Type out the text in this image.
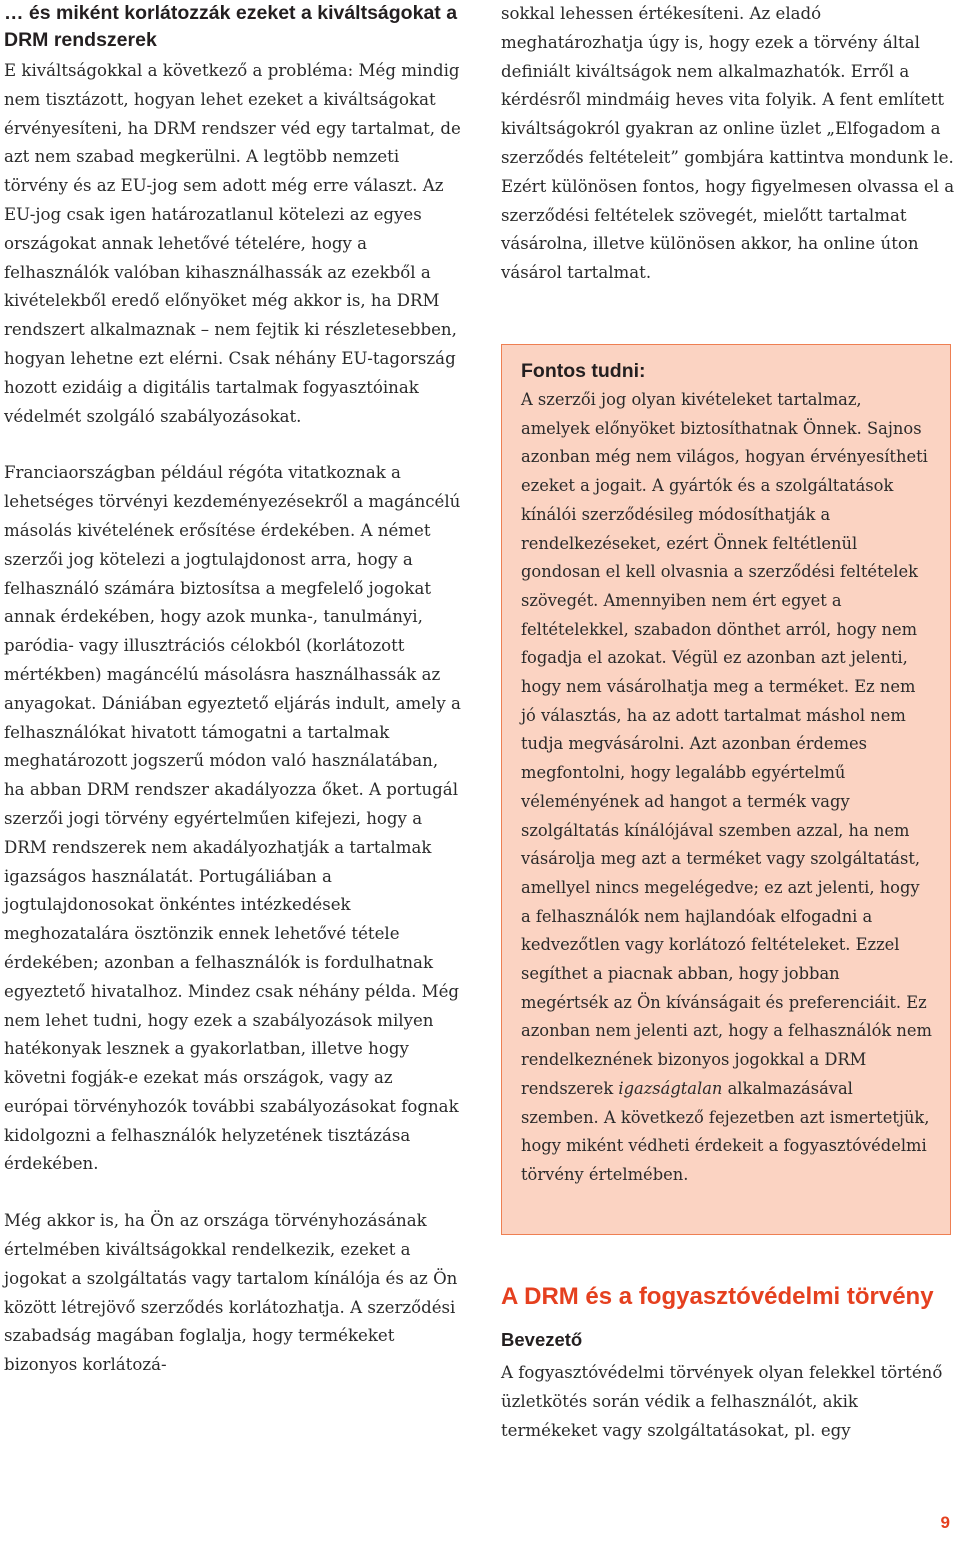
… és miként korlátozzák ezeket a kiváltságokat a DRM rendszerek

E kiváltságokkal a következő a probléma: Még mindig nem tisztázott, hogyan lehet ezeket a kiváltságokat érvényesíteni, ha DRM rendszer véd egy tartalmat, de azt nem szabad megkerülni. A legtöbb nemzeti törvény és az EU-jog sem adott még erre választ. Az EU-jog csak igen határozatlanul kötelezi az egyes országokat annak lehetővé tételére, hogy a felhasználók valóban kihasználhassák az ezekből a kivételekből eredő előnyöket még akkor is, ha DRM rendszert alkalmaznak – nem fejtik ki részletesebben, hogyan lehetne ezt elérni. Csak néhány EU-tagország hozott ezidáig a digitális tartalmak fogyasztóinak védelmét szolgáló szabályozásokat.

Franciaországban például régóta vitatkoznak a lehetséges törvényi kezdeményezésekről a magáncélú másolás kivételének erősítése érdekében. A német szerzői jog kötelezi a jogtulajdonost arra, hogy a felhasználó számára biztosítsa a megfelelő jogokat annak érdekében, hogy azok munka-, tanulmányi, paródia- vagy illusztrációs célokból (korlátozott mértékben) magáncélú másolásra használhassák az anyagokat. Dániában egyeztető eljárás indult, amely a felhasználókat hivatott támogatni a tartalmak meghatározott jogszerű módon való használatában, ha abban DRM rendszer akadályozza őket. A portugál szerzői jogi törvény egyértelműen kifejezi, hogy a DRM rendszerek nem akadályozhatják a tartalmak igazságos használatát. Portugáliában a jogtulajdonosokat önkéntes intézkedések meghozatalára ösztönzik ennek lehetővé tétele érdekében; azonban a felhasználók is fordulhatnak egyeztető hivatalhoz. Mindez csak néhány példa. Még nem lehet tudni, hogy ezek a szabályozások milyen hatékonyak lesznek a gyakorlatban, illetve hogy követni fogják-e ezekat más országok, vagy az európai törvényhozók további szabályozásokat fognak kidolgozni a felhasználók helyzetének tisztázása érdekében.

Még akkor is, ha Ön az országa törvényhozásának értelmében kiváltságokkal rendelkezik, ezeket a jogokat a szolgáltatás vagy tartalom kínálója és az Ön között létrejövő szerződés korlátozhatja. A szerződési szabadság magában foglalja, hogy termékeket bizonyos korlátozá-

sokkal lehessen értékesíteni. Az eladó meghatározhatja úgy is, hogy ezek a törvény által definiált kiváltságok nem alkalmazhatók. Erről a kérdésről mindmáig heves vita folyik. A fent említett kiváltságokról gyakran az online üzlet „Elfogadom a szerződés feltételeit” gombjára kattintva mondunk le. Ezért különösen fontos, hogy figyelmesen olvassa el a szerződési feltételek szövegét, mielőtt tartalmat vásárolna, illetve különösen akkor, ha online úton vásárol tartalmat.

Fontos tudni:

A szerzői jog olyan kivételeket tartalmaz, amelyek előnyöket biztosíthatnak Önnek. Sajnos azonban még nem világos, hogyan érvényesítheti ezeket a jogait. A gyártók és a szolgáltatások kínálói szerződésileg módosíthatják a rendelkezéseket, ezért Önnek feltétlenül gondosan el kell olvasnia a szerződési feltételek szövegét. Amennyiben nem ért egyet a feltételekkel, szabadon dönthet arról, hogy nem fogadja el azokat. Végül ez azonban azt jelenti, hogy nem vásárolhatja meg a terméket. Ez nem jó választás, ha az adott tartalmat máshol nem tudja megvásárolni. Azt azonban érdemes megfontolni, hogy legalább egyértelmű véleményének ad hangot a termék vagy szolgáltatás kínálójával szemben azzal, ha nem vásárolja meg azt a terméket vagy szolgáltatást, amellyel nincs megelégedve; ez azt jelenti, hogy a felhasználók nem hajlandóak elfogadni a kedvezőtlen vagy korlátozó feltételeket. Ezzel segíthet a piacnak abban, hogy jobban megértsék az Ön kívánságait és preferenciáit. Ez azonban nem jelenti azt, hogy a felhasználók nem rendelkeznének bizonyos jogokkal a DRM rendszerek igazságtalan alkalmazásával szemben. A következő fejezetben azt ismertetjük, hogy miként védheti érdekeit a fogyasztóvédelmi törvény értelmében.

A DRM és a fogyasztóvédelmi törvény
Bevezető

A fogyasztóvédelmi törvények olyan felekkel történő üzletkötés során védik a felhasználót, akik termékeket vagy szolgáltatásokat, pl. egy

9
